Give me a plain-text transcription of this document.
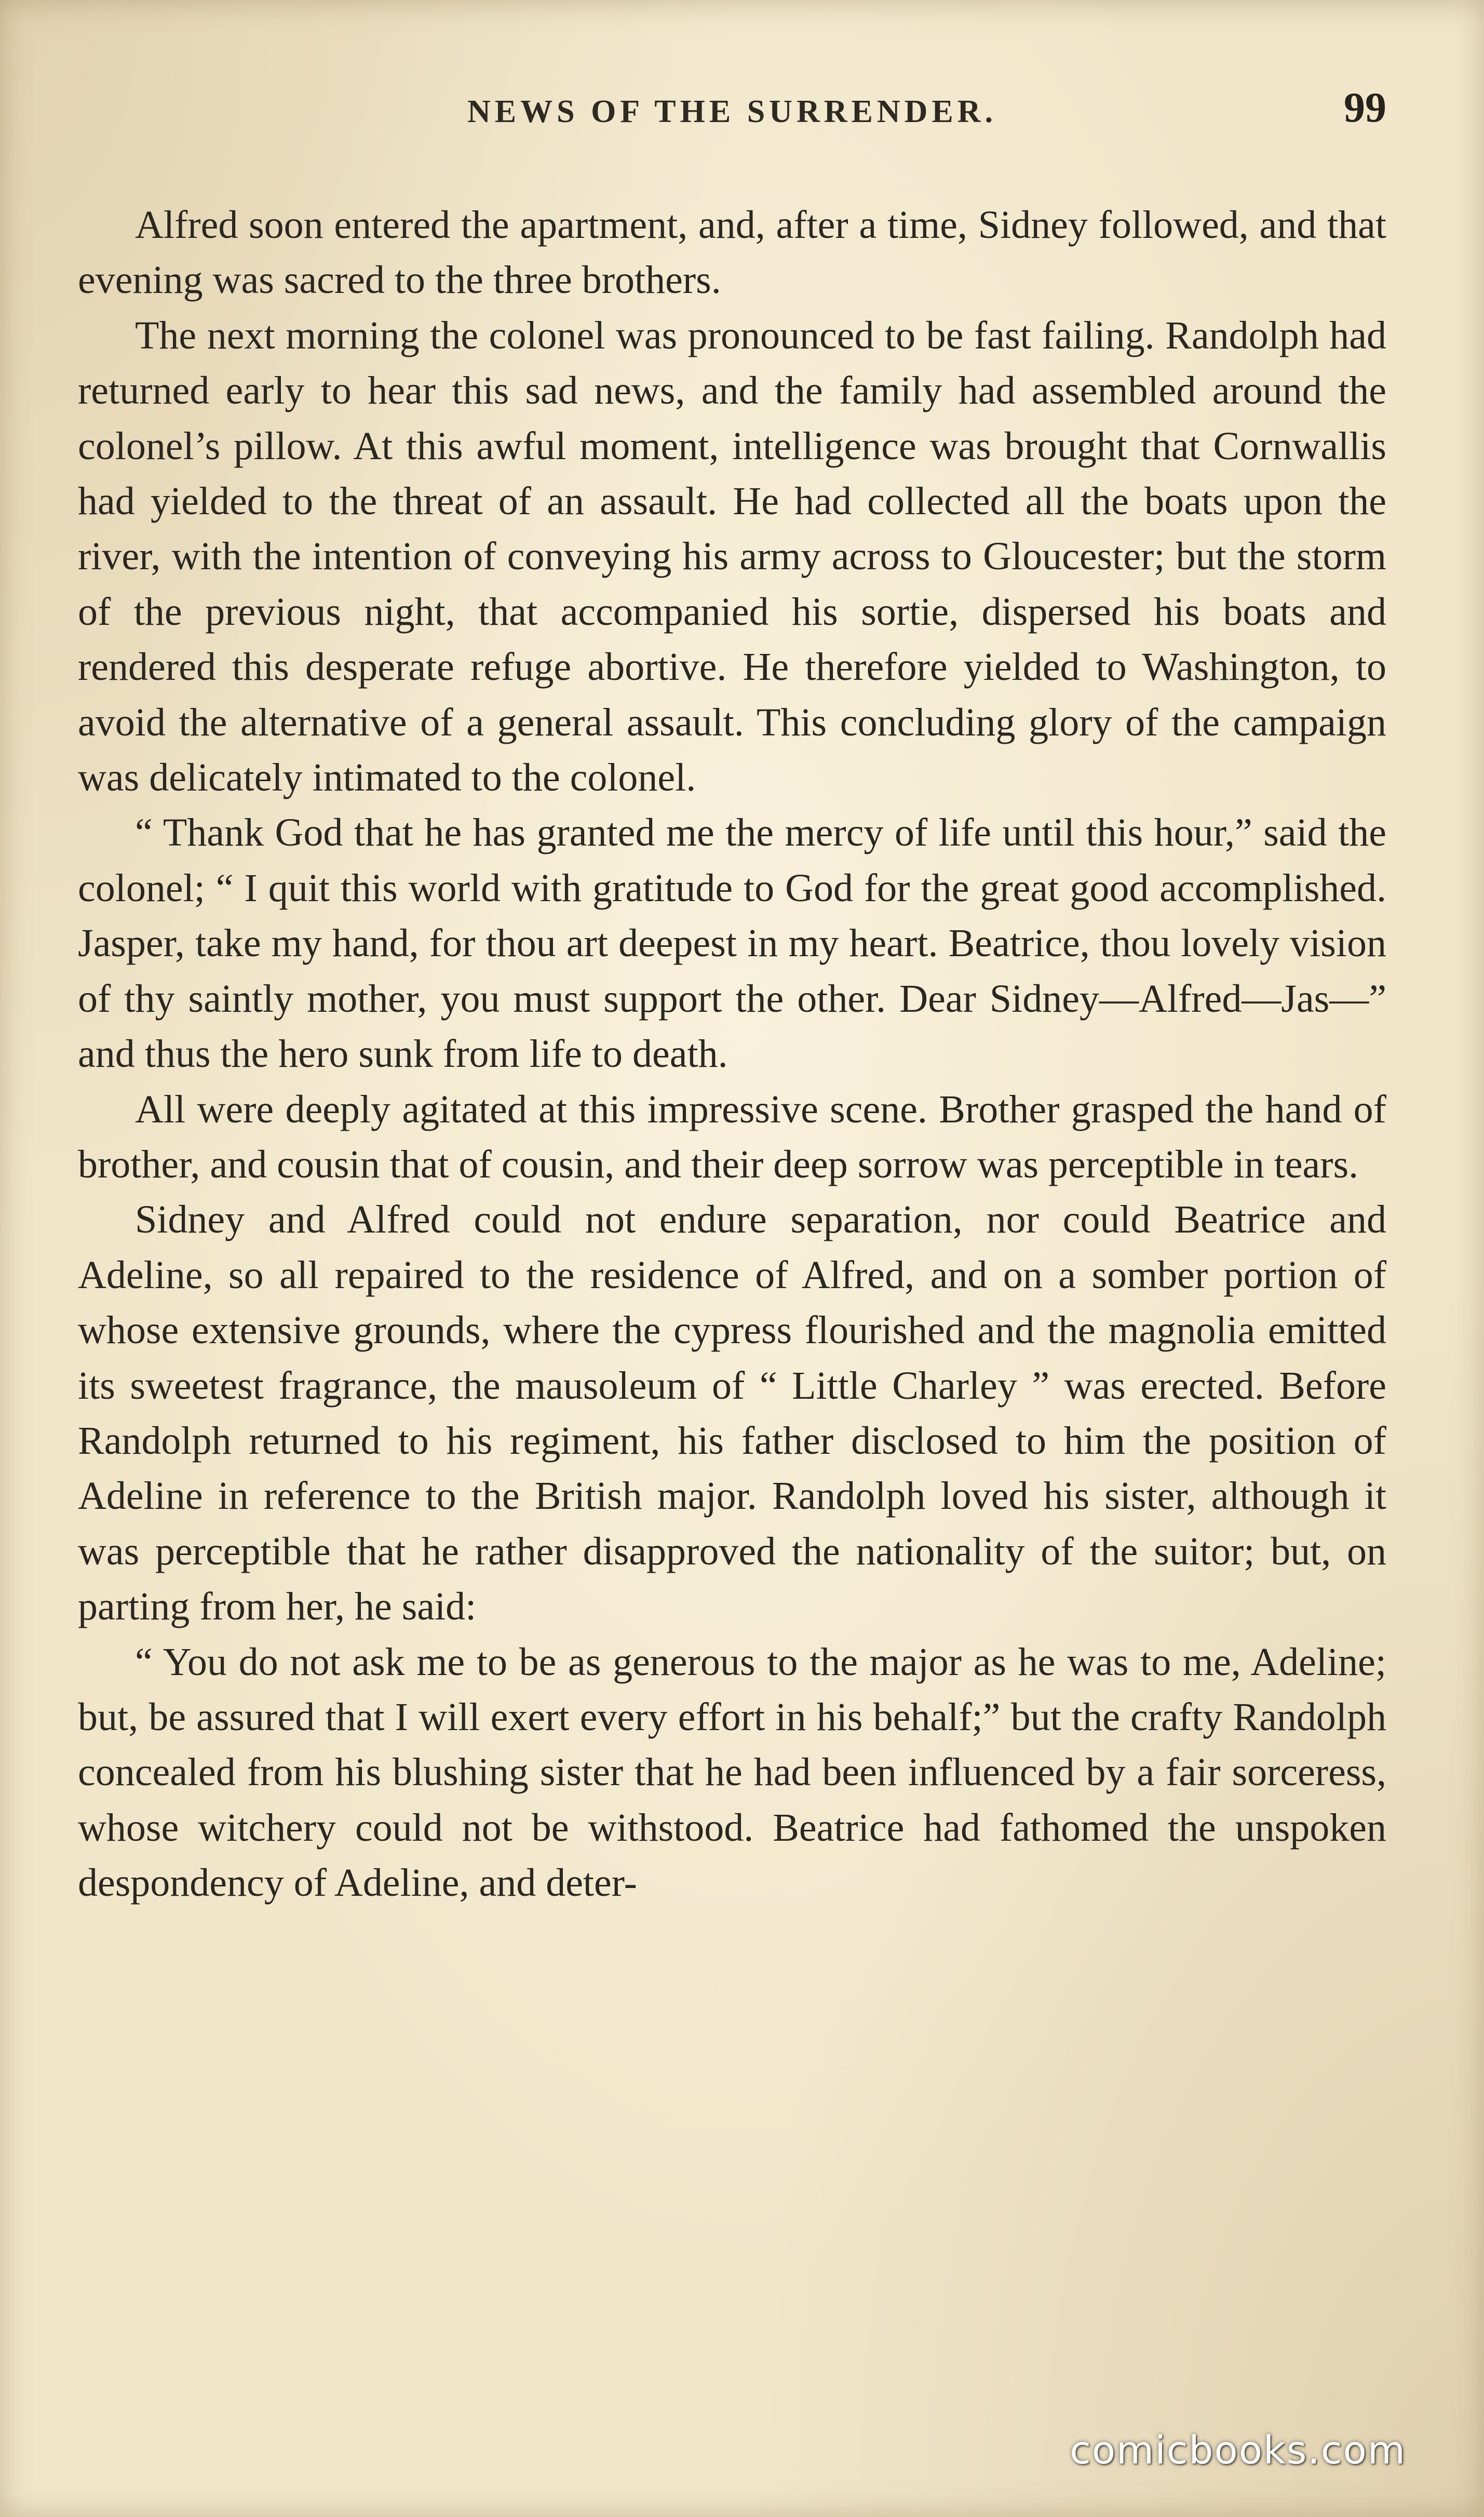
NEWS OF THE SURRENDER.	99

Alfred soon entered the apartment, and, after a time, Sidney followed, and that evening was sacred to the three brothers.

The next morning the colonel was pronounced to be fast failing. Randolph had returned early to hear this sad news, and the family had assembled around the colonel’s pillow. At this awful moment, intelligence was brought that Cornwallis had yielded to the threat of an assault. He had collected all the boats upon the river, with the intention of conveying his army across to Gloucester; but the storm of the previous night, that accompanied his sortie, dispersed his boats and rendered this desperate refuge abortive. He therefore yielded to Washington, to avoid the alternative of a general assault. This concluding glory of the campaign was delicately intimated to the colonel.

“ Thank God that he has granted me the mercy of life until this hour,” said the colonel; “ I quit this world with gratitude to God for the great good accomplished. Jasper, take my hand, for thou art deepest in my heart. Beatrice, thou lovely vision of thy saintly mother, you must support the other. Dear Sidney—Alfred—Jas—” and thus the hero sunk from life to death.

All were deeply agitated at this impressive scene. Brother grasped the hand of brother, and cousin that of cousin, and their deep sorrow was perceptible in tears.

Sidney and Alfred could not endure separation, nor could Beatrice and Adeline, so all repaired to the residence of Alfred, and on a somber portion of whose extensive grounds, where the cypress flourished and the magnolia emitted its sweetest fragrance, the mausoleum of “ Little Charley ” was erected. Before Randolph returned to his regiment, his father disclosed to him the position of Adeline in reference to the British major. Randolph loved his sister, although it was perceptible that he rather disapproved the nationality of the suitor; but, on parting from her, he said:

“ You do not ask me to be as generous to the major as he was to me, Adeline; but, be assured that I will exert every effort in his behalf;” but the crafty Randolph concealed from his blushing sister that he had been influenced by a fair sorceress, whose witchery could not be withstood. Beatrice had fathomed the unspoken despondency of Adeline, and deter-

comicbooks.com
